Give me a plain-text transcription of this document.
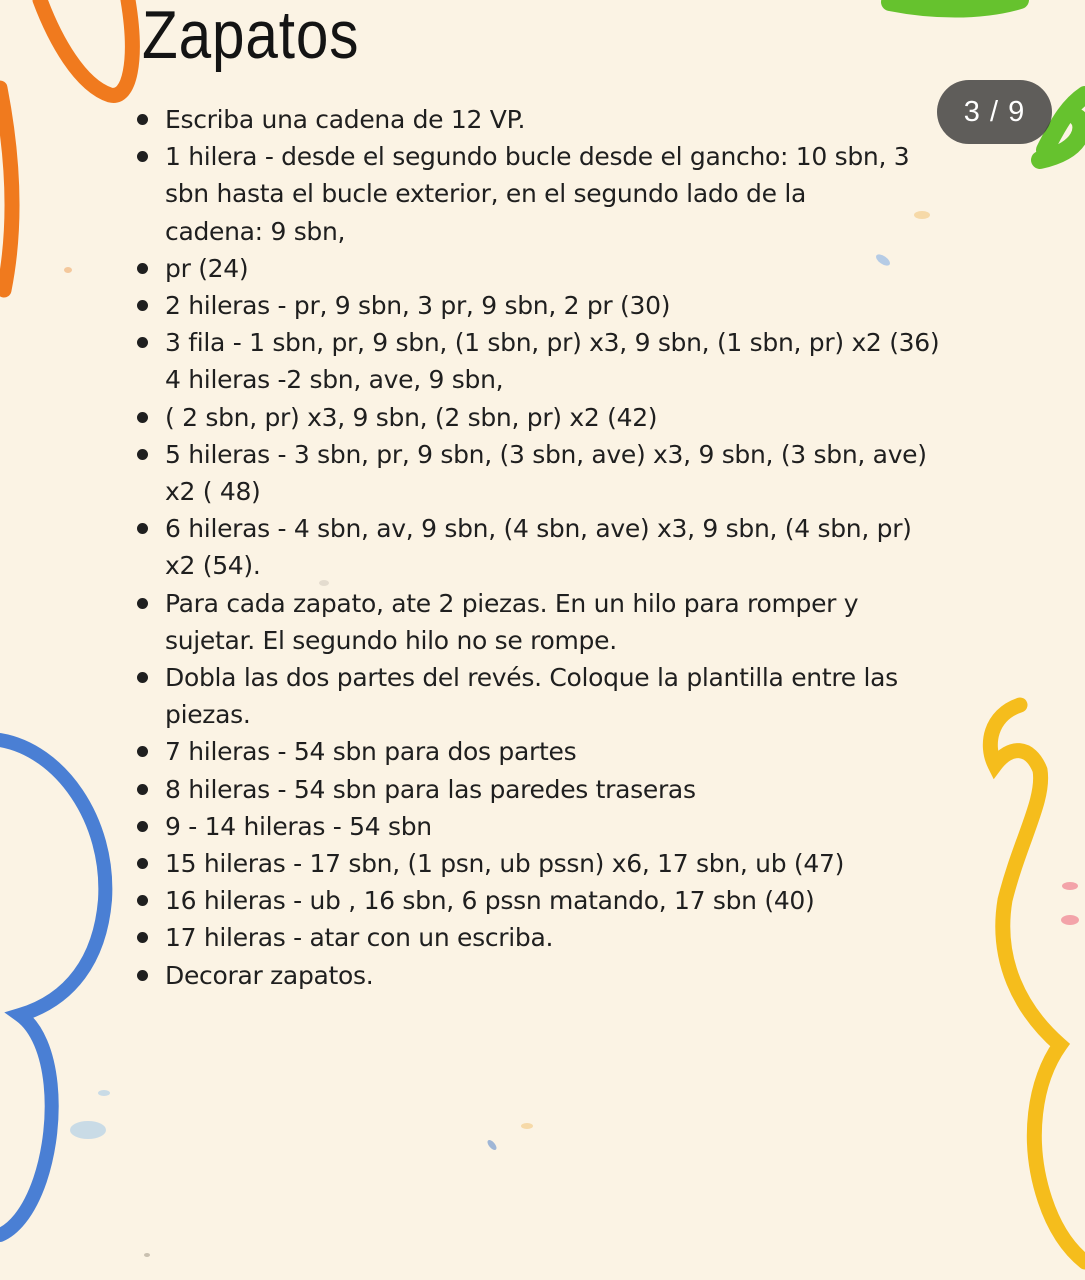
Zapatos
3 / 9
Escriba una cadena de 12 VP.
1 hilera - desde el segundo bucle desde el gancho: 10 sbn, 3
sbn hasta el bucle exterior, en el segundo lado de la
cadena: 9 sbn,
pr (24)
2 hileras - pr, 9 sbn, 3 pr, 9 sbn, 2 pr (30)
3 fila - 1 sbn, pr, 9 sbn, (1 sbn, pr) x3, 9 sbn, (1 sbn, pr) x2 (36)
4 hileras -2 sbn, ave, 9 sbn,
( 2 sbn, pr) x3, 9 sbn, (2 sbn, pr) x2 (42)
5 hileras - 3 sbn, pr, 9 sbn, (3 sbn, ave) x3, 9 sbn, (3 sbn, ave)
x2 ( 48)
6 hileras - 4 sbn, av, 9 sbn, (4 sbn, ave) x3, 9 sbn, (4 sbn, pr)
x2 (54).
Para cada zapato, ate 2 piezas. En un hilo para romper y
sujetar. El segundo hilo no se rompe.
Dobla las dos partes del revés. Coloque la plantilla entre las
piezas.
7 hileras - 54 sbn para dos partes
8 hileras - 54 sbn para las paredes traseras
9 - 14 hileras - 54 sbn
15 hileras - 17 sbn, (1 psn, ub pssn) x6, 17 sbn, ub (47)
16 hileras - ub , 16 sbn, 6 pssn matando, 17 sbn (40)
17 hileras - atar con un escriba.
Decorar zapatos.
